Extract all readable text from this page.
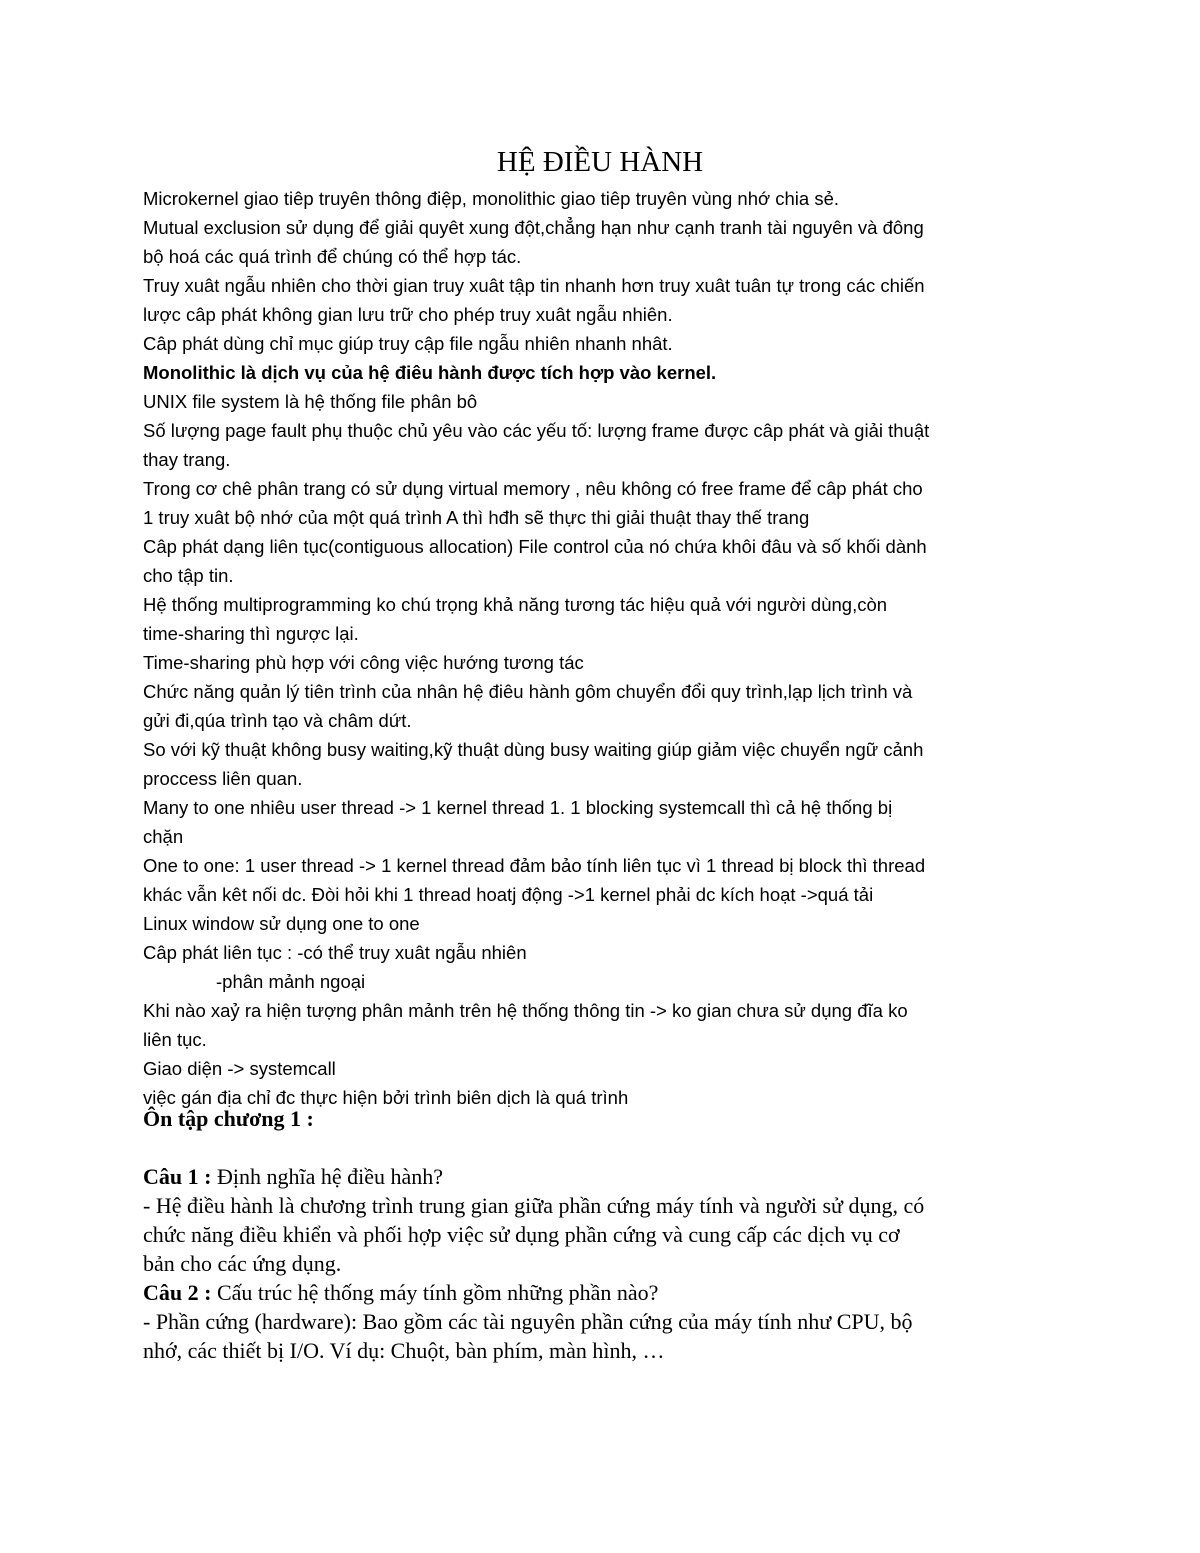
HỆ ĐIỀU HÀNH

Microkernel giao tiêp truyên thông điệp, monolithic giao tiêp truyên vùng nhớ chia sẻ.

Mutual exclusion sử dụng để giải quyêt xung đột,chẳng hạn như cạnh tranh tài nguyên và đông

bộ hoá các quá trình để chúng có thể hợp tác.

Truy xuât ngẫu nhiên cho thời gian truy xuât tập tin nhanh hơn truy xuât tuân tự trong các chiến

lược câp phát không gian lưu trữ cho phép truy xuât ngẫu nhiên.

Câp phát dùng chỉ mục giúp truy cập file ngẫu nhiên nhanh nhât.

Monolithic là dịch vụ của hệ điêu hành được tích hợp vào kernel.

UNIX file system là hệ thống file phân bô

Số lượng page fault phụ thuộc chủ yêu vào các yếu tố: lượng frame được câp phát và giải thuật

thay trang.

Trong cơ chê phân trang có sử dụng virtual memory , nêu không có free frame để câp phát cho

1 truy xuât bộ nhớ của một quá trình A thì hđh sẽ thực thi giải thuật thay thế trang

Câp phát dạng liên tục(contiguous allocation) File control của nó chứa khôi đâu và số khối dành

cho tập tin.

Hệ thống multiprogramming ko chú trọng khả năng tương tác hiệu quả với người dùng,còn

time-sharing thì ngược lại.

Time-sharing phù hợp với công việc hướng tương tác

Chức năng quản lý tiên trình của nhân hệ điêu hành gôm chuyển đổi quy trình,lạp lịch trình và

gửi đi,qúa trình tạo và châm dứt.

So với kỹ thuật không busy waiting,kỹ thuật dùng busy waiting giúp giảm việc chuyển ngữ cảnh

proccess liên quan.

Many to one nhiêu user thread -> 1 kernel thread 1. 1 blocking systemcall thì cả hệ thống bị

chặn

One to one: 1 user thread -> 1 kernel thread đảm bảo tính liên tục vì 1 thread bị block thì thread

khác vẫn kêt nối dc. Đòi hỏi khi 1 thread hoatj động ->1 kernel phải dc kích hoạt ->quá tải

Linux window sử dụng one to one

Câp phát liên tục : -có thể truy xuât ngẫu nhiên

-phân mảnh ngoại

Khi nào xaỷ ra hiện tượng phân mảnh trên hệ thống thông tin -> ko gian chưa sử dụng đĩa ko

liên tục.

Giao diện -> systemcall

việc gán địa chỉ đc thực hiện bởi trình biên dịch là quá trình

Ôn tập chương 1 :

Câu 1 : Định nghĩa hệ điều hành?

- Hệ điều hành là chương trình trung gian giữa phần cứng máy tính và người sử dụng, có

chức năng điều khiển và phối hợp việc sử dụng phần cứng và cung cấp các dịch vụ cơ

bản cho các ứng dụng.

Câu 2 : Cấu trúc hệ thống máy tính gồm những phần nào?

- Phần cứng (hardware): Bao gồm các tài nguyên phần cứng của máy tính như CPU, bộ

nhớ, các thiết bị I/O. Ví dụ: Chuột, bàn phím, màn hình, …
